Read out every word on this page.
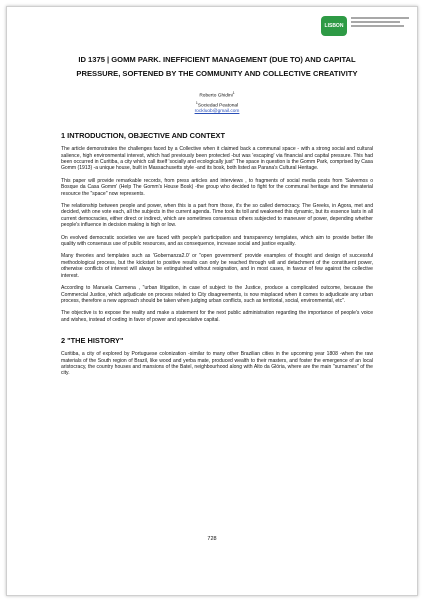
LISBON

ID 1375 | GOMM PARK. INEFFICIENT MANAGEMENT (DUE TO) AND CAPITAL PRESSURE, SOFTENED BY THE COMMUNITY AND COLLECTIVE CREATIVITY

Roberto Ghidini$^1$
$^1$Sociedad Peatonal
rockluob@gmail.com
1 INTRODUCTION, OBJECTIVE AND CONTEXT

The article demonstrates the challenges faced by a Collective when it claimed back a communal space - with a strong social and cultural salience, high environmental interest, which had previously been protected -but was 'escaping' via financial and capital pressure. This had been occurred in Curitiba, a city which call itself 'socially and ecologically just" The space in question is the Gomm Park, comprised by Casa Gomm (1913) -a unique house, built in Massachusetts style -and its bosk, both listed as Parana's Cultural Heritage.

This paper will provide remarkable records, from press articles and interviews , to fragments of social media posts from 'Salvemos o Bosque da Casa Gomm' (Help The Gomm's House Bosk) -the group who decided to fight for the communal heritage and the immaterial resource the "space" now represents.

The relationship between people and power, when this is a part from those, it's the so called democracy. The Greeks, in Agora, met and decided, with one vote each, all the subjects in the current agenda. Time took its toll and weakened this dynamic, but its essence lasts in all current democracies, either direct or indirect, which are sometimes consensus others subjected to maneuver of power, depending whether people's influence in decision making is high or low.

On evolved democratic societies we are faced with people's participation and transparency templates, which aim to provide better life quality with consensus use of public resources, and as consequence, increase social and justice equality.

Many theories and templates such as 'Gobernanza2.0' or "open government' provide examples of thought and design of successful methodological process, but the kickstart to positive results can only be reached through will and detachment of the constituent power, otherwise conflicts of interest will always be extinguished without resignation, and in most cases, in favour of few against the collective interest.

According to Manuela Carmena , "urban litigation, in case of subject to the Justice, produce a complicated outcome, because the Commercial Justice, which adjudicate on process related to City disagreements, is now misplaced when it comes to adjudicate any urban process, therefore a new approach should be taken when judging urban conflicts, such as territorial, social, environmental, etc".

The objective is to expose the reality and make a statement for the next public administration regarding the importance of people's voice and wishes, instead of ceding in favor of power and speculative capital.

2 "THE HISTORY"

Curitiba, a city of explored by Portuguese colonization -similar to many other Brazilian cities in the upcoming year 1808 -when the raw materials of the South region of Brazil, like wood and yerba mate, produced wealth to their masters, and foster the emergence of an local aristocracy, the country houses and mansions of the Batel, neighbourhood along with Alto da Glória, where are the main "surnames" of the city.

728
